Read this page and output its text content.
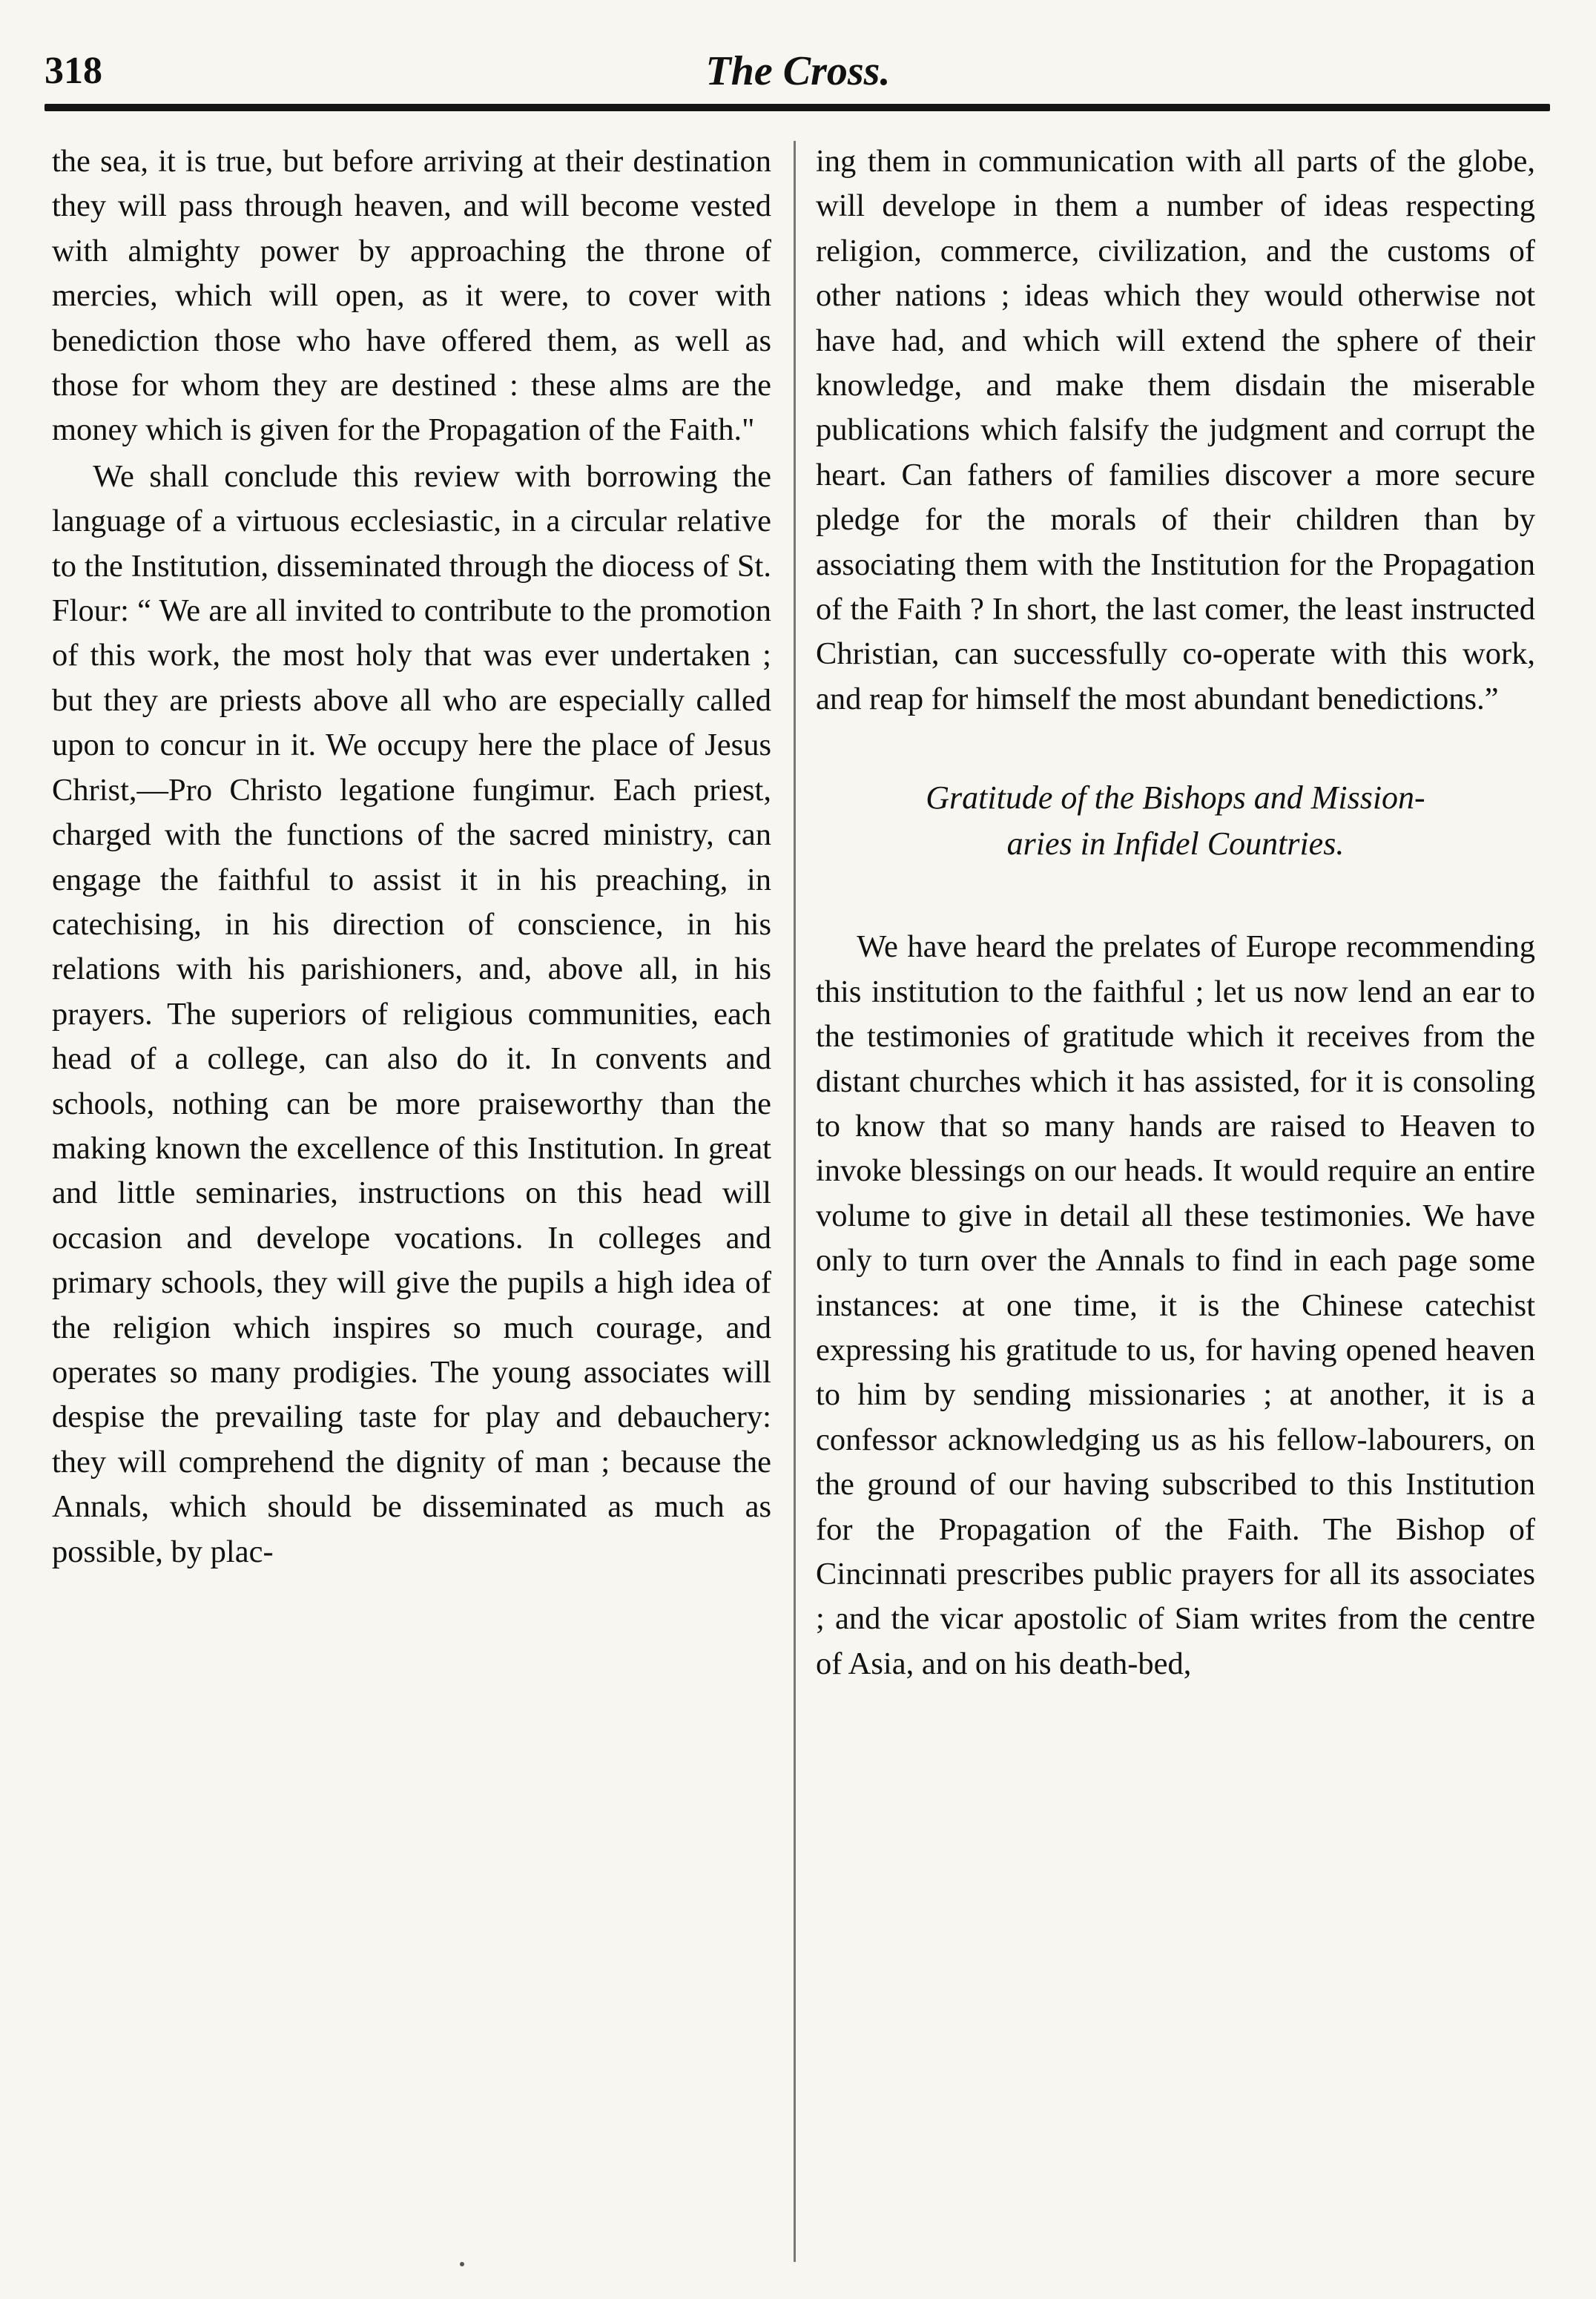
318	The Cross.

the sea, it is true, but before arriving at their destination they will pass through heaven, and will become vested with almighty power by approaching the throne of mercies, which will open, as it were, to cover with benediction those who have offered them, as well as those for whom they are destined : these alms are the money which is given for the Propagation of the Faith."

We shall conclude this review with borrowing the language of a virtuous ecclesiastic, in a circular relative to the Institution, disseminated through the diocess of St. Flour: “ We are all invited to contribute to the promotion of this work, the most holy that was ever undertaken ; but they are priests above all who are especially called upon to concur in it. We occupy here the place of Jesus Christ,—Pro Christo legatione fungimur. Each priest, charged with the functions of the sacred ministry, can engage the faithful to assist it in his preaching, in catechising, in his direction of conscience, in his relations with his parishioners, and, above all, in his prayers. The superiors of religious communities, each head of a college, can also do it. In convents and schools, nothing can be more praiseworthy than the making known the excellence of this Institution. In great and little seminaries, instructions on this head will occasion and develope vocations. In colleges and primary schools, they will give the pupils a high idea of the religion which inspires so much courage, and operates so many prodigies. The young associates will despise the prevailing taste for play and debauchery: they will comprehend the dignity of man ; because the Annals, which should be disseminated as much as possible, by plac-

ing them in communication with all parts of the globe, will develope in them a number of ideas respecting religion, commerce, civilization, and the customs of other nations ; ideas which they would otherwise not have had, and which will extend the sphere of their knowledge, and make them disdain the miserable publications which falsify the judgment and corrupt the heart. Can fathers of families discover a more secure pledge for the morals of their children than by associating them with the Institution for the Propagation of the Faith ? In short, the last comer, the least instructed Christian, can successfully co-operate with this work, and reap for himself the most abundant benedictions.”

Gratitude of the Bishops and Mission-
aries in Infidel Countries.

We have heard the prelates of Europe recommending this institution to the faithful ; let us now lend an ear to the testimonies of gratitude which it receives from the distant churches which it has assisted, for it is consoling to know that so many hands are raised to Heaven to invoke blessings on our heads. It would require an entire volume to give in detail all these testimonies. We have only to turn over the Annals to find in each page some instances: at one time, it is the Chinese catechist expressing his gratitude to us, for having opened heaven to him by sending missionaries ; at another, it is a confessor acknowledging us as his fellow-labourers, on the ground of our having subscribed to this Institution for the Propagation of the Faith. The Bishop of Cincinnati prescribes public prayers for all its associates ; and the vicar apostolic of Siam writes from the centre of Asia, and on his death-bed,
